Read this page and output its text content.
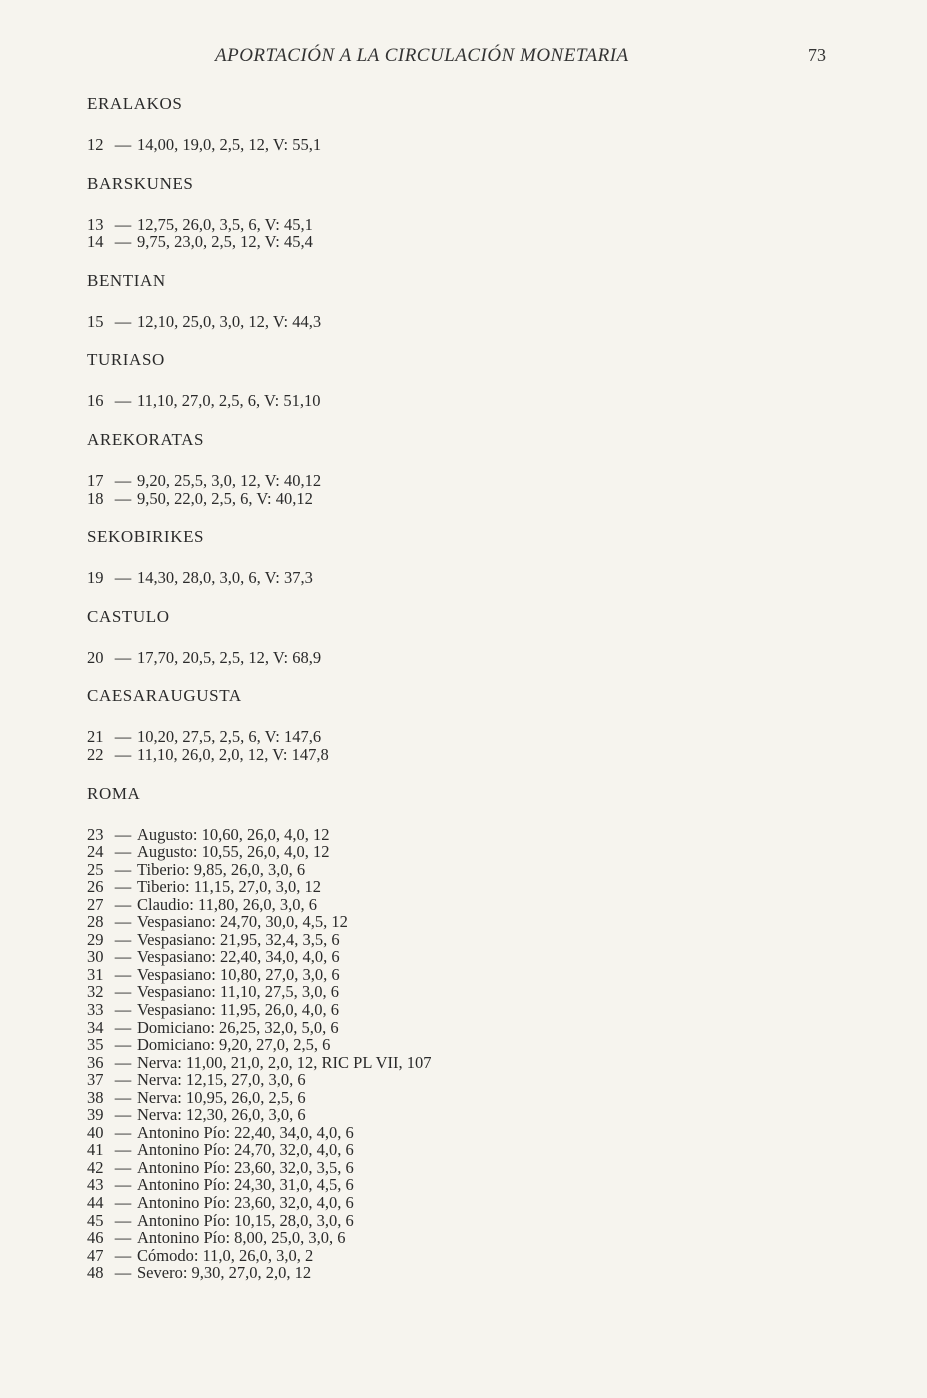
APORTACIÓN A LA CIRCULACIÓN MONETARIA	73
ERALAKOS
12 — 14,00, 19,0, 2,5, 12, V: 55,1
BARSKUNES
13 — 12,75, 26,0, 3,5, 6, V: 45,1
14 — 9,75, 23,0, 2,5, 12, V: 45,4
BENTIAN
15 — 12,10, 25,0, 3,0, 12, V: 44,3
TURIASO
16 — 11,10, 27,0, 2,5, 6, V: 51,10
AREKORATAS
17 — 9,20, 25,5, 3,0, 12, V: 40,12
18 — 9,50, 22,0, 2,5, 6, V: 40,12
SEKOBIRIKES
19 — 14,30, 28,0, 3,0, 6, V: 37,3
CASTULO
20 — 17,70, 20,5, 2,5, 12, V: 68,9
CAESARAUGUSTA
21 — 10,20, 27,5, 2,5, 6, V: 147,6
22 — 11,10, 26,0, 2,0, 12, V: 147,8
ROMA
23 — Augusto: 10,60, 26,0, 4,0, 12
24 — Augusto: 10,55, 26,0, 4,0, 12
25 — Tiberio: 9,85, 26,0, 3,0, 6
26 — Tiberio: 11,15, 27,0, 3,0, 12
27 — Claudio: 11,80, 26,0, 3,0, 6
28 — Vespasiano: 24,70, 30,0, 4,5, 12
29 — Vespasiano: 21,95, 32,4, 3,5, 6
30 — Vespasiano: 22,40, 34,0, 4,0, 6
31 — Vespasiano: 10,80, 27,0, 3,0, 6
32 — Vespasiano: 11,10, 27,5, 3,0, 6
33 — Vespasiano: 11,95, 26,0, 4,0, 6
34 — Domiciano: 26,25, 32,0, 5,0, 6
35 — Domiciano: 9,20, 27,0, 2,5, 6
36 — Nerva: 11,00, 21,0, 2,0, 12, RIC PL VII, 107
37 — Nerva: 12,15, 27,0, 3,0, 6
38 — Nerva: 10,95, 26,0, 2,5, 6
39 — Nerva: 12,30, 26,0, 3,0, 6
40 — Antonino Pío: 22,40, 34,0, 4,0, 6
41 — Antonino Pío: 24,70, 32,0, 4,0, 6
42 — Antonino Pío: 23,60, 32,0, 3,5, 6
43 — Antonino Pío: 24,30, 31,0, 4,5, 6
44 — Antonino Pío: 23,60, 32,0, 4,0, 6
45 — Antonino Pío: 10,15, 28,0, 3,0, 6
46 — Antonino Pío: 8,00, 25,0, 3,0, 6
47 — Cómodo: 11,0, 26,0, 3,0, 2
48 — Severo: 9,30, 27,0, 2,0, 12
